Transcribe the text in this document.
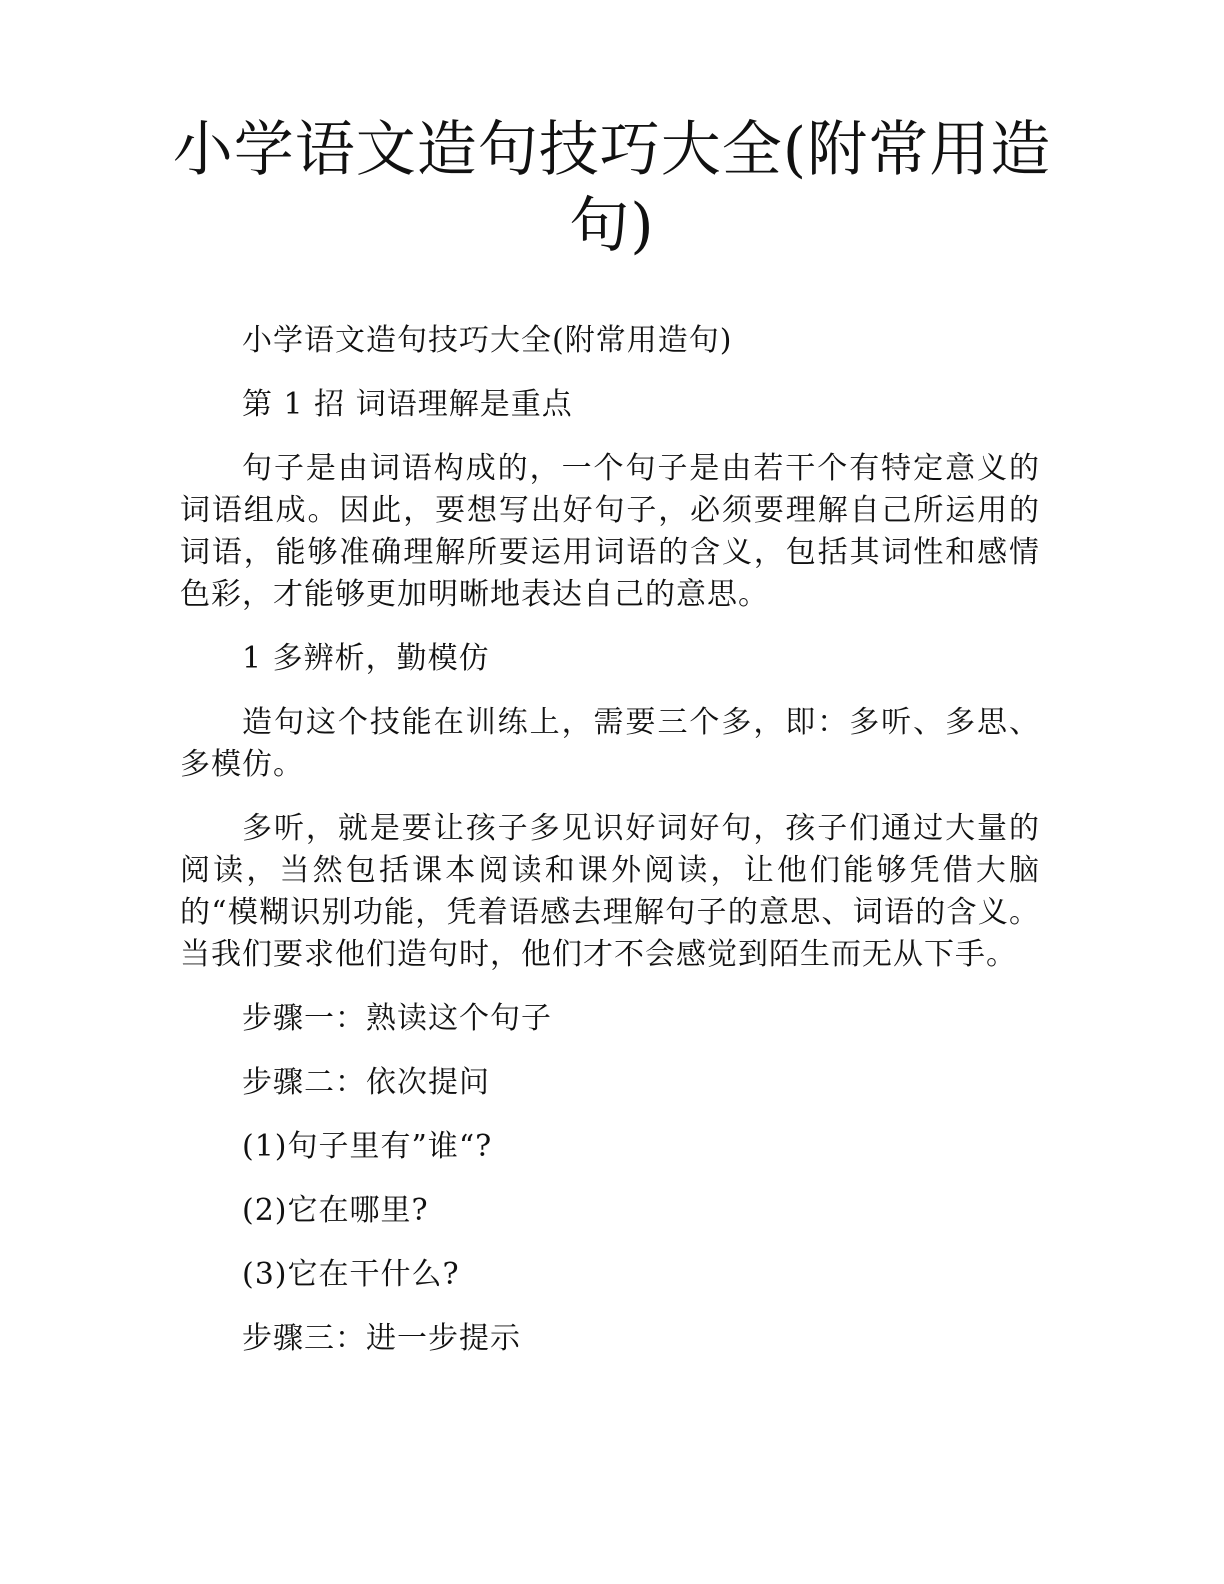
小学语文造句技巧大全(附常用造句)

小学语文造句技巧大全(附常用造句)

第 1 招 词语理解是重点

句子是由词语构成的，一个句子是由若干个有特定意义的词语组成。因此，要想写出好句子，必须要理解自己所运用的词语，能够准确理解所要运用词语的含义，包括其词性和感情色彩，才能够更加明晰地表达自己的意思。

1 多辨析，勤模仿

造句这个技能在训练上，需要三个多，即：多听、多思、多模仿。

多听，就是要让孩子多见识好词好句，孩子们通过大量的阅读，当然包括课本阅读和课外阅读，让他们能够凭借大脑的“模糊识别功能，凭着语感去理解句子的意思、词语的含义。当我们要求他们造句时，他们才不会感觉到陌生而无从下手。

步骤一：熟读这个句子

步骤二：依次提问

(1)句子里有”谁“?

(2)它在哪里?

(3)它在干什么?

步骤三：进一步提示
